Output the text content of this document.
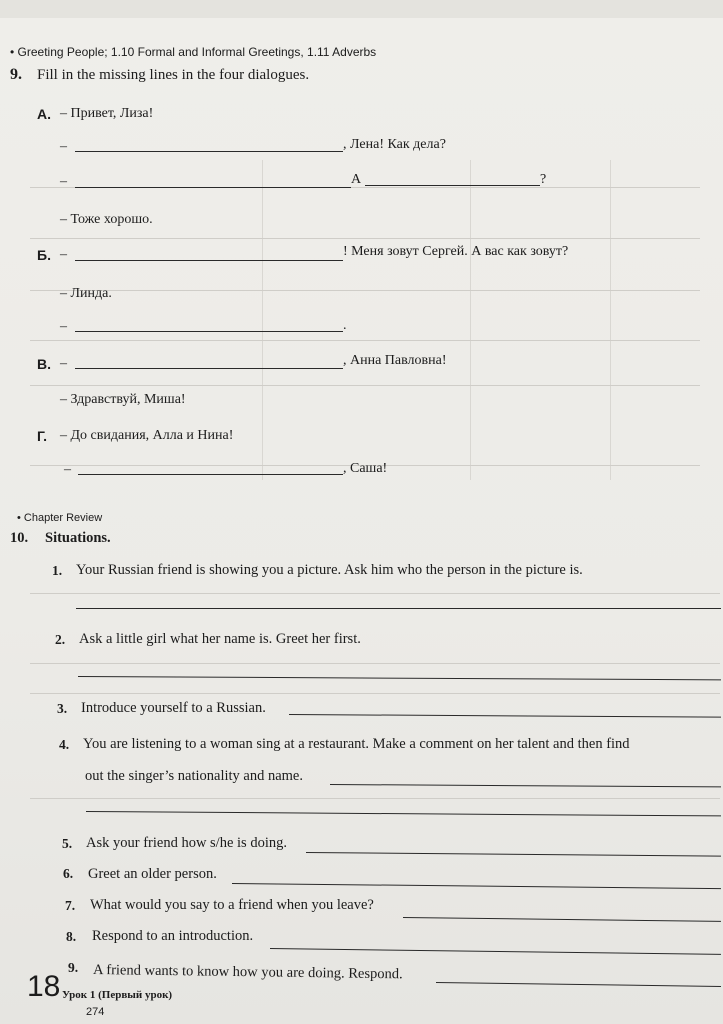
• Greeting People; 1.10 Formal and Informal Greetings, 1.11 Adverbs
9. Fill in the missing lines in the four dialogues.
А. – Привет, Лиза!
–	, Лена! Как дела?
–	А	?
– Тоже хорошо.
Б. –	! Меня зовут Сергей. А вас как зовут?
– Линда.
–	.
В. –	, Анна Павловна!
– Здравствуй, Миша!
Г. – До свидания, Алла и Нина!
–	, Саша!
• Chapter Review
10. Situations.
1. Your Russian friend is showing you a picture. Ask him who the person in the picture is.
2. Ask a little girl what her name is. Greet her first.
3. Introduce yourself to a Russian.
4. You are listening to a woman sing at a restaurant. Make a comment on her talent and then find
out the singer’s nationality and name.
5. Ask your friend how s/he is doing.
6. Greet an older person.
7. What would you say to a friend when you leave?
8. Respond to an introduction.
9. A friend wants to know how you are doing. Respond.
18 Урок 1 (Первый урок)
274
